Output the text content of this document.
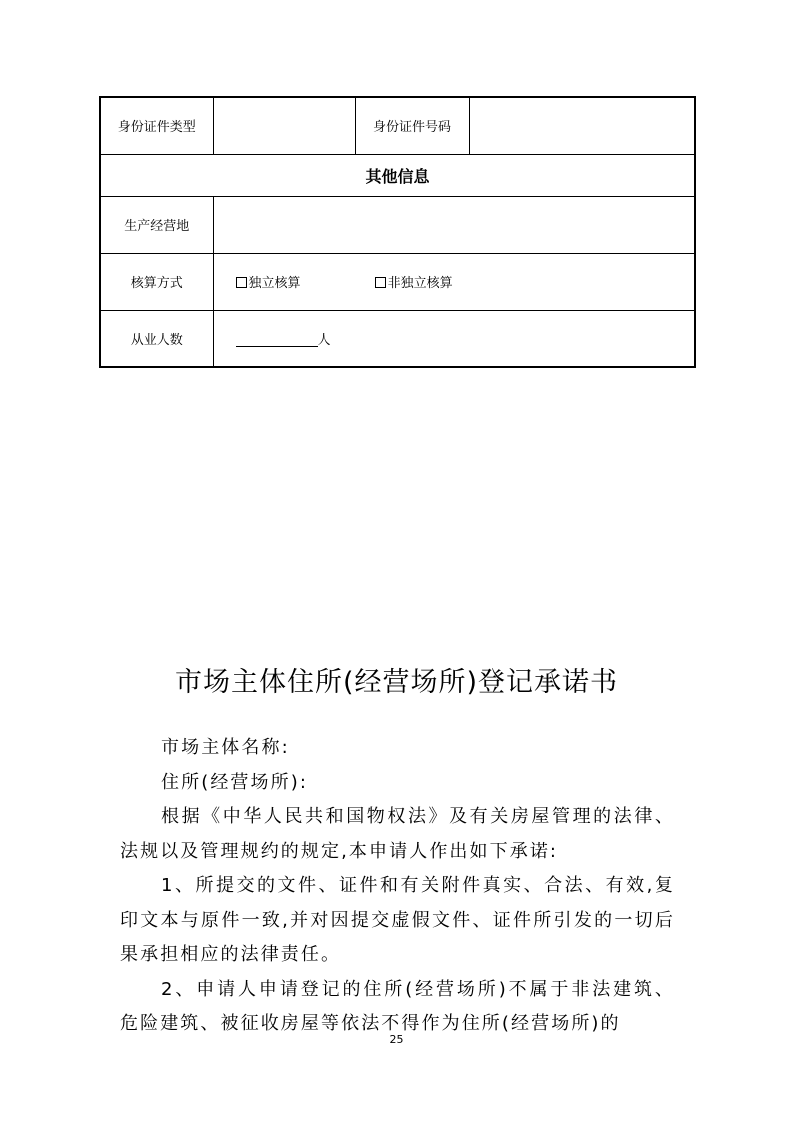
身份证件类型		身份证件号码	
其他信息			
生产经营地			
核算方式	独立核算 非独立核算		
从业人数	人		
市场主体住所(经营场所)登记承诺书

市场主体名称:

住所(经营场所):

根据《中华人民共和国物权法》及有关房屋管理的法律、法规以及管理规约的规定,本申请人作出如下承诺:

1、所提交的文件、证件和有关附件真实、合法、有效,复印文本与原件一致,并对因提交虚假文件、证件所引发的一切后果承担相应的法律责任。

2、申请人申请登记的住所(经营场所)不属于非法建筑、危险建筑、被征收房屋等依法不得作为住所(经营场所)的

25
